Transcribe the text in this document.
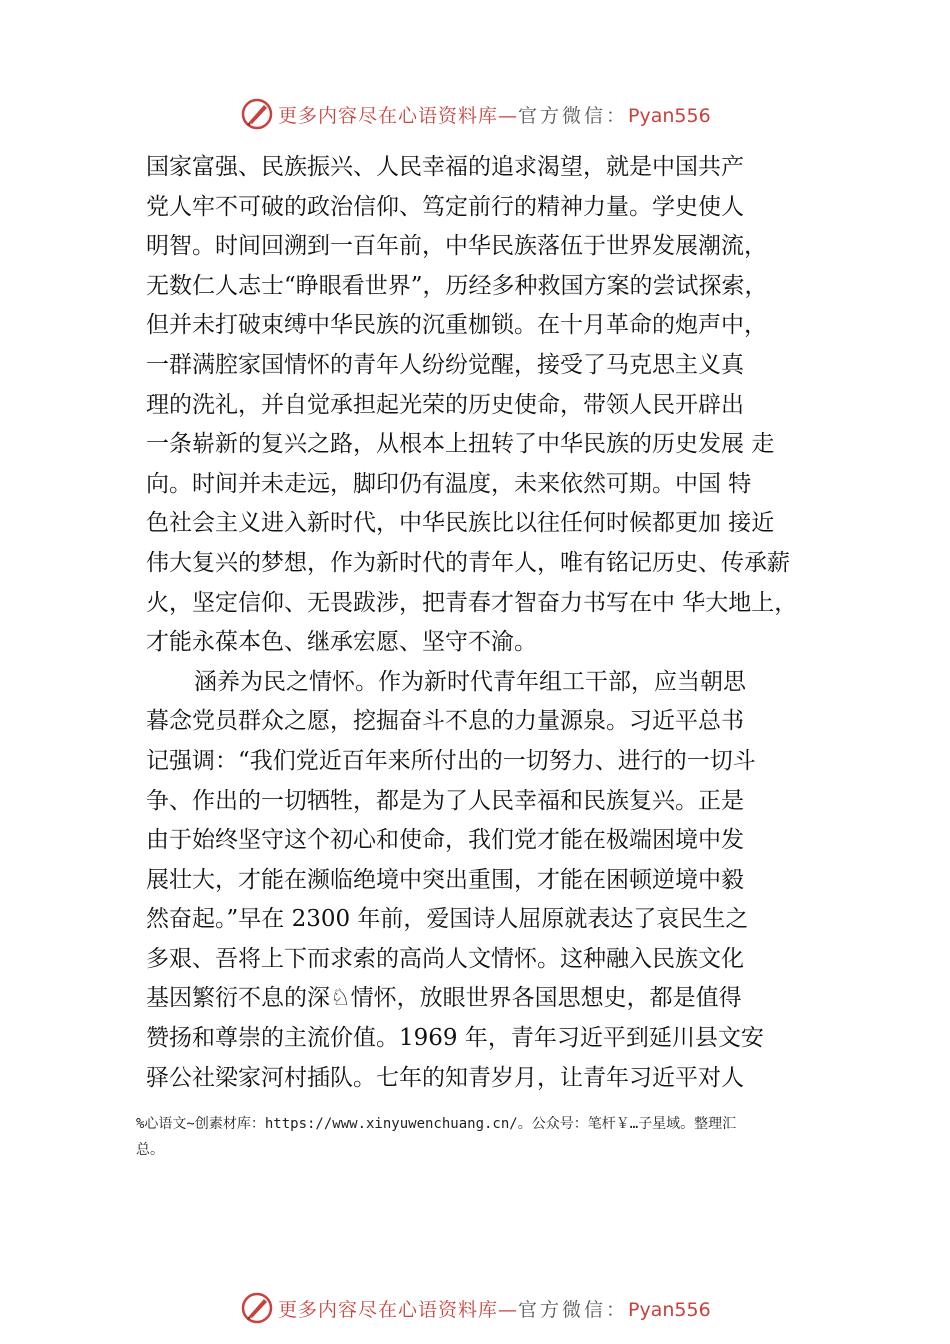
更多内容尽在心语资料库—官方微信：Pyan556
国家富强、民族振兴、人民幸福的追求渴望，就是中国共产
党人牢不可破的政治信仰、笃定前行的精神力量。学史使人
明智。时间回溯到一百年前，中华民族落伍于世界发展潮流，
无数仁人志士“睁眼看世界”，历经多种救国方案的尝试探索，
但并未打破束缚中华民族的沉重枷锁。在十月革命的炮声中，
一群满腔家国情怀的青年人纷纷觉醒，接受了马克思主义真
理的洗礼，并自觉承担起光荣的历史使命，带领人民开辟出
一条崭新的复兴之路，从根本上扭转了中华民族的历史发展 走
向。时间并未走远，脚印仍有温度，未来依然可期。中国 特
色社会主义进入新时代，中华民族比以往任何时候都更加 接近
伟大复兴的梦想，作为新时代的青年人，唯有铭记历史、传承薪
火，坚定信仰、无畏跋涉，把青春才智奋力书写在中 华大地上，
才能永葆本色、继承宏愿、坚守不渝。
涵养为民之情怀。作为新时代青年组工干部，应当朝思
暮念党员群众之愿，挖掘奋斗不息的力量源泉。习近平总书
记强调：“我们党近百年来所付出的一切努力、进行的一切斗
争、作出的一切牺牲，都是为了人民幸福和民族复兴。正是
由于始终坚守这个初心和使命，我们党才能在极端困境中发
展壮大，才能在濒临绝境中突出重围，才能在困顿逆境中毅
然奋起。”早在 2300 年前，爱国诗人屈原就表达了哀民生之
多艰、吾将上下而求索的高尚人文情怀。这种融入民族文化
基因繁衍不息的深♘情怀，放眼世界各国思想史，都是值得
赞扬和尊崇的主流价值。1969 年，青年习近平到延川县文安
驿公社梁家河村插队。七年的知青岁月，让青年习近平对人
%心语文~创素材库：https://www.xinyuwenchuang.cn/。公众号：笔杆￥…子星域。整理汇
总。
更多内容尽在心语资料库—官方微信：Pyan556
